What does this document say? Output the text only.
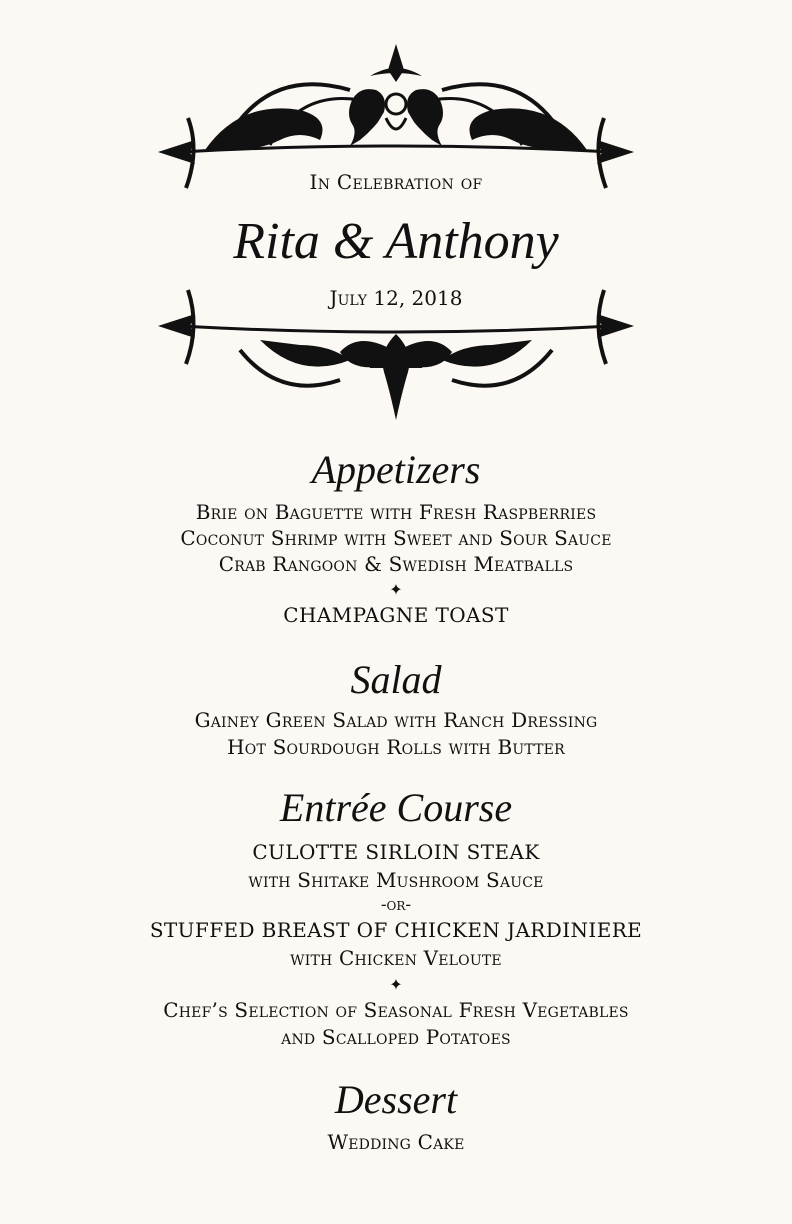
In Celebration of
Rita & Anthony
July 12, 2018
Appetizers
Brie on Baguette with Fresh Raspberries
Coconut Shrimp with Sweet and Sour Sauce
Crab Rangoon & Swedish Meatballs
✦
CHAMPAGNE TOAST
Salad
Gainey Green Salad with Ranch Dressing
Hot Sourdough Rolls with Butter
Entrée Course
CULOTTE SIRLOIN STEAK
with Shitake Mushroom Sauce
-or-
STUFFED BREAST OF CHICKEN JARDINIERE
with Chicken Veloute
✦
Chef’s Selection of Seasonal Fresh Vegetables
and Scalloped Potatoes
Dessert
Wedding Cake
